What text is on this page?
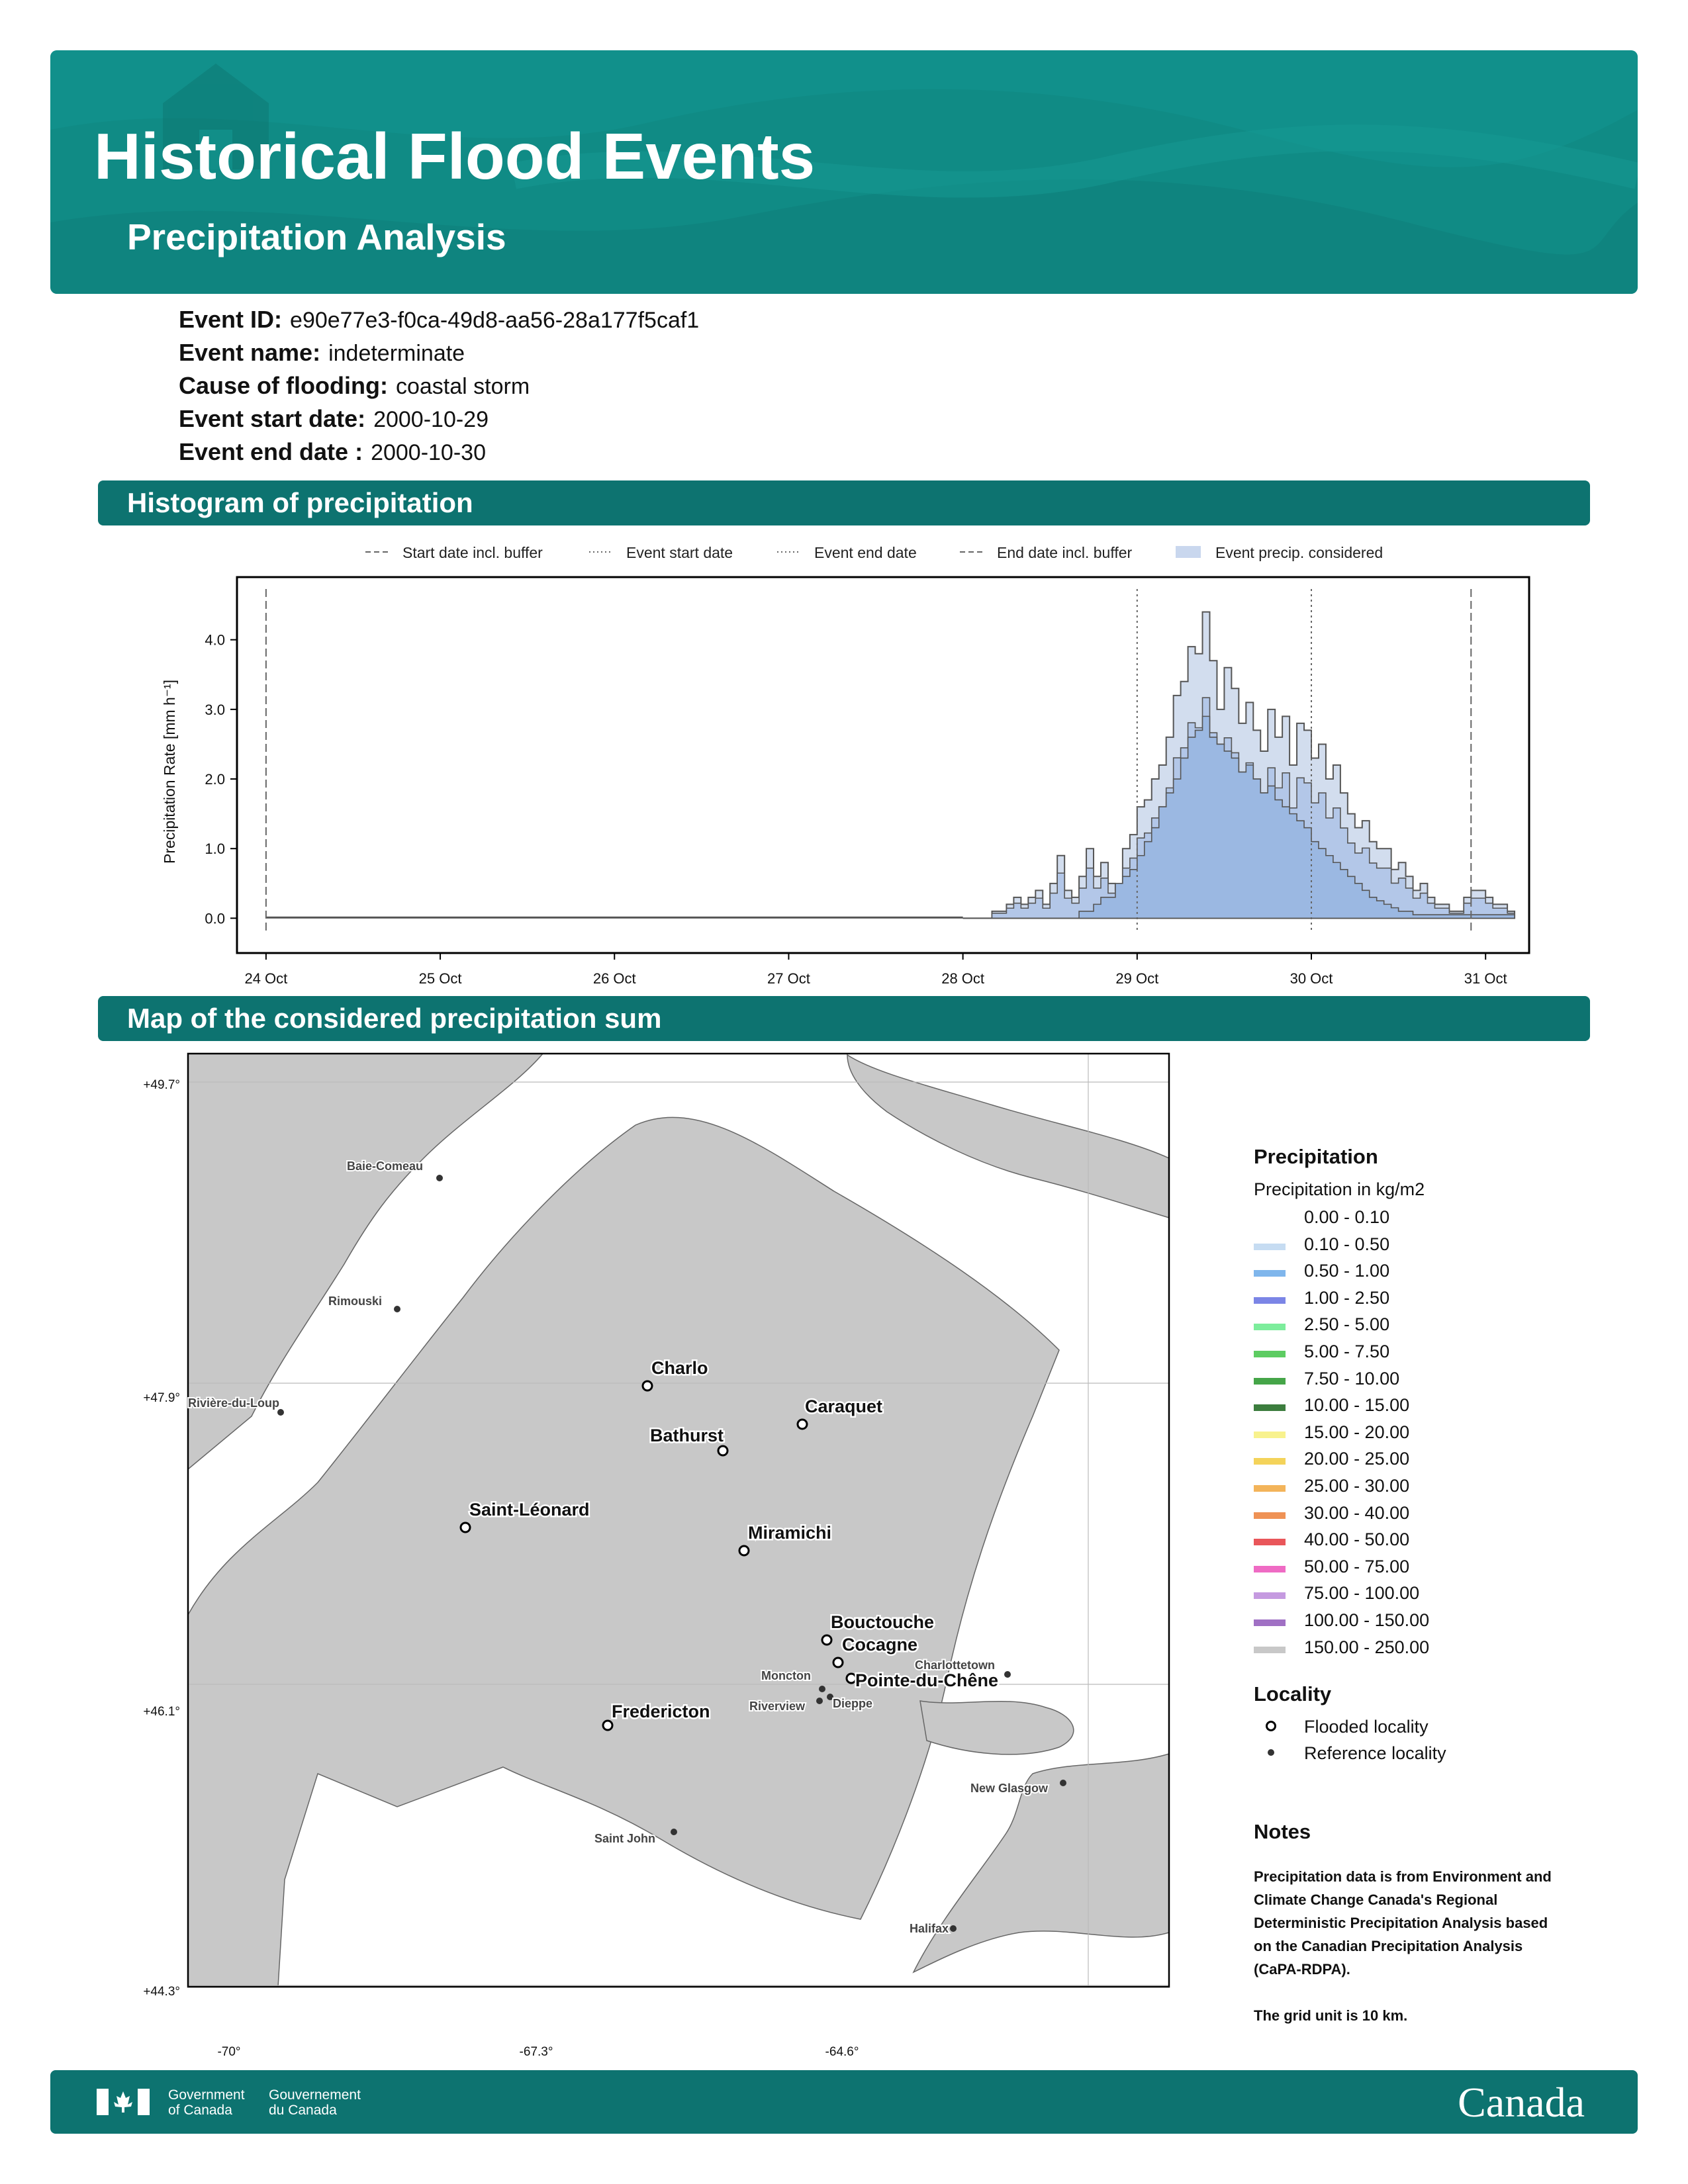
Historical Flood Events
Precipitation Analysis
Event ID: e90e77e3-f0ca-49d8-aa56-28a177f5caf1
Event name: indeterminate
Cause of flooding: coastal storm
Event start date: 2000-10-29
Event end date : 2000-10-30
Histogram of precipitation
Map of the considered precipitation sum
Start date incl. buffer	Event start date	Event end date	End date incl. buffer	Event precip. considered
0.0
1.0
2.0
3.0
4.0
24 Oct	25 Oct	26 Oct	27 Oct	28 Oct	29 Oct	30 Oct	31 Oct
Precipitation Rate [mm h⁻¹]
+49.7°
+47.9°
+46.1°
+44.3°
-70°	-67.3°	-64.6°
Charlo
Caraquet
Bathurst
Saint-Léonard
Miramichi
Bouctouche
Cocagne
Pointe-du-Chêne
Fredericton
Baie-Comeau
Rimouski
Rivière-du-Loup
Charlottetown
Moncton
Riverview Dieppe
New Glasgow
Saint John
Halifax
Precipitation
Precipitation in kg/m2
0.00 - 0.10
0.10 - 0.50
0.50 - 1.00
1.00 - 2.50
2.50 - 5.00
5.00 - 7.50
7.50 - 10.00
10.00 - 15.00
15.00 - 20.00
20.00 - 25.00
25.00 - 30.00
30.00 - 40.00
40.00 - 50.00
50.00 - 75.00
75.00 - 100.00
100.00 - 150.00
150.00 - 250.00
Locality
Flooded locality
Reference locality
Notes
Precipitation data is from Environment and
Climate Change Canada's Regional
Deterministic Precipitation Analysis based
on the Canadian Precipitation Analysis
(CaPA-RDPA).
The grid unit is 10 km.
Government
of Canada
Gouvernement
du Canada	Canada
